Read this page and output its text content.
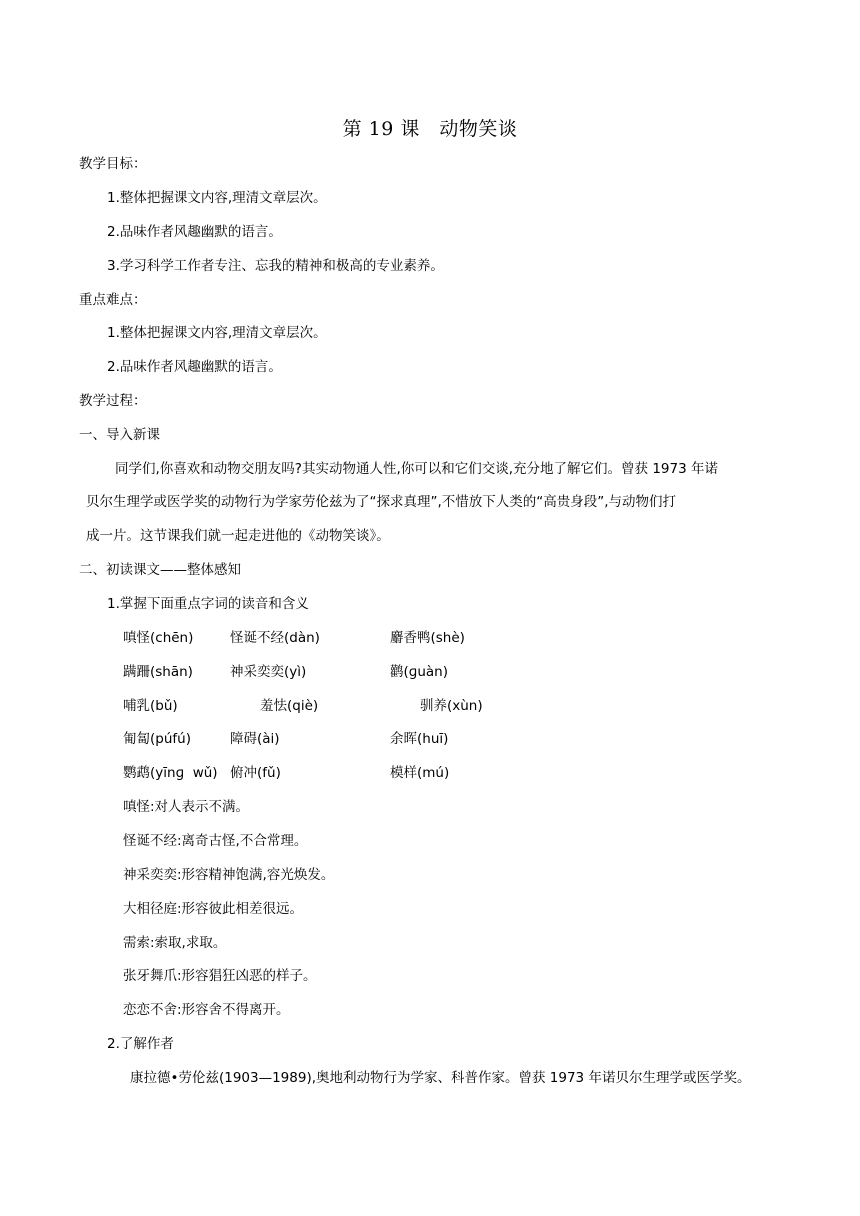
第 19 课　动物笑谈
教学目标：
1.整体把握课文内容,理清文章层次。
2.品味作者风趣幽默的语言。
3.学习科学工作者专注、忘我的精神和极高的专业素养。
重点难点：
1.整体把握课文内容,理清文章层次。
2.品味作者风趣幽默的语言。
教学过程：
一、导入新课
同学们,你喜欢和动物交朋友吗?其实动物通人性,你可以和它们交谈,充分地了解它们。曾获 1973 年诺
贝尔生理学或医学奖的动物行为学家劳伦兹为了“探求真理”,不惜放下人类的“高贵身段”,与动物们打
成一片。这节课我们就一起走进他的《动物笑谈》。
二、初读课文——整体感知
1.掌握下面重点字词的读音和含义
嗔怪(chēn)	怪诞不经(dàn)	麝香鸭(shè)
蹒跚(shān)	神采奕奕(yì)	鹳(ɡuàn)
哺乳(bǔ)	羞怯(qiè)	驯养(xùn)
匍匐(púfú)	障碍(ài)	余晖(huī)
鹦鹉(yīnɡ  wǔ) 俯冲(fǔ)	模样(mú)
嗔怪:对人表示不满。
怪诞不经:离奇古怪,不合常理。
神采奕奕:形容精神饱满,容光焕发。
大相径庭:形容彼此相差很远。
需索:索取,求取。
张牙舞爪:形容猖狂凶恶的样子。
恋恋不舍:形容舍不得离开。
2.了解作者
康拉德•劳伦兹(1903—1989),奥地利动物行为学家、科普作家。曾获 1973 年诺贝尔生理学或医学奖。
